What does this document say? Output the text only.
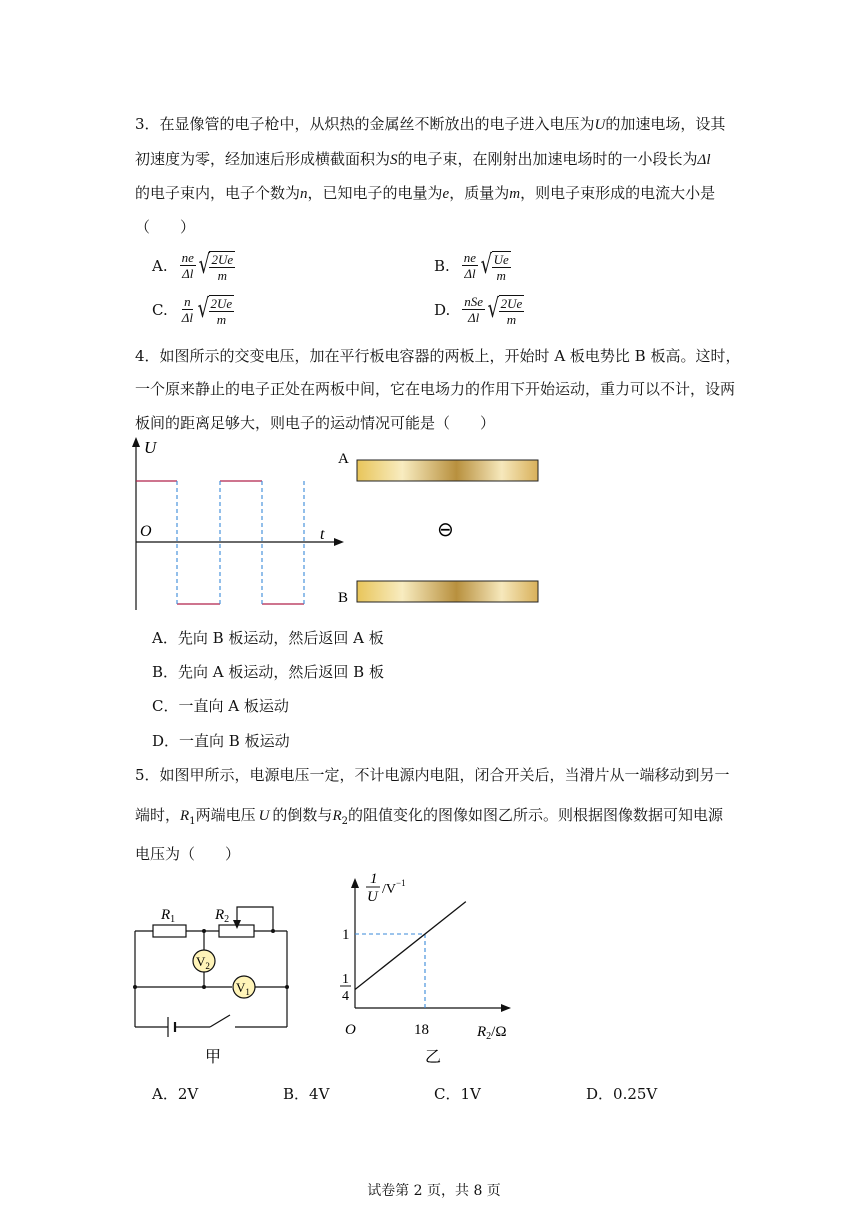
3．在显像管的电子枪中，从炽热的金属丝不断放出的电子进入电压为U的加速电场，设其
初速度为零，经加速后形成横截面积为S的电子束，在刚射出加速电场时的一小段长为Δl
的电子束内，电子个数为n，已知电子的电量为e，质量为m，则电子束形成的电流大小是
（　　）
A. $\frac{ne}{\Delta l}$ √ $\frac{2Ue}{m}$	B. $\frac{ne}{\Delta l}$ √ $\frac{Ue}{m}$
C. $\frac{n}{\Delta l}$ √ $\frac{2Ue}{m}$	D. $\frac{\text{nSe}}{\Delta l}$ √ $\frac{2Ue}{m}$
4．如图所示的交变电压，加在平行板电容器的两板上，开始时 A 板电势比 B 板高。这时，
一个原来静止的电子正处在两板中间，它在电场力的作用下开始运动，重力可以不计，设两
板间的距离足够大，则电子的运动情况可能是（　　）
U
t
O
A
⊖
B
A．先向 B 板运动，然后返回 A 板
B．先向 A 板运动，然后返回 B 板
C．一直向 A 板运动
D．一直向 B 板运动
5．如图甲所示，电源电压一定，不计电源内电阻，闭合开关后，当滑片从一端移动到另一
端时，$R_1$两端电压 U 的倒数与$R_2$的阻值变化的图像如图乙所示。则根据图像数据可知电源
电压为（　　）
$R_1$	$R_2$
$V_2$
$V_1$
甲
1
U $/V^{-1}$
1
1
4
O	18	$R_2/\Omega$
乙
A．2V	B．4V	C．1V	D．0.25V
试卷第 2 页，共 8 页
